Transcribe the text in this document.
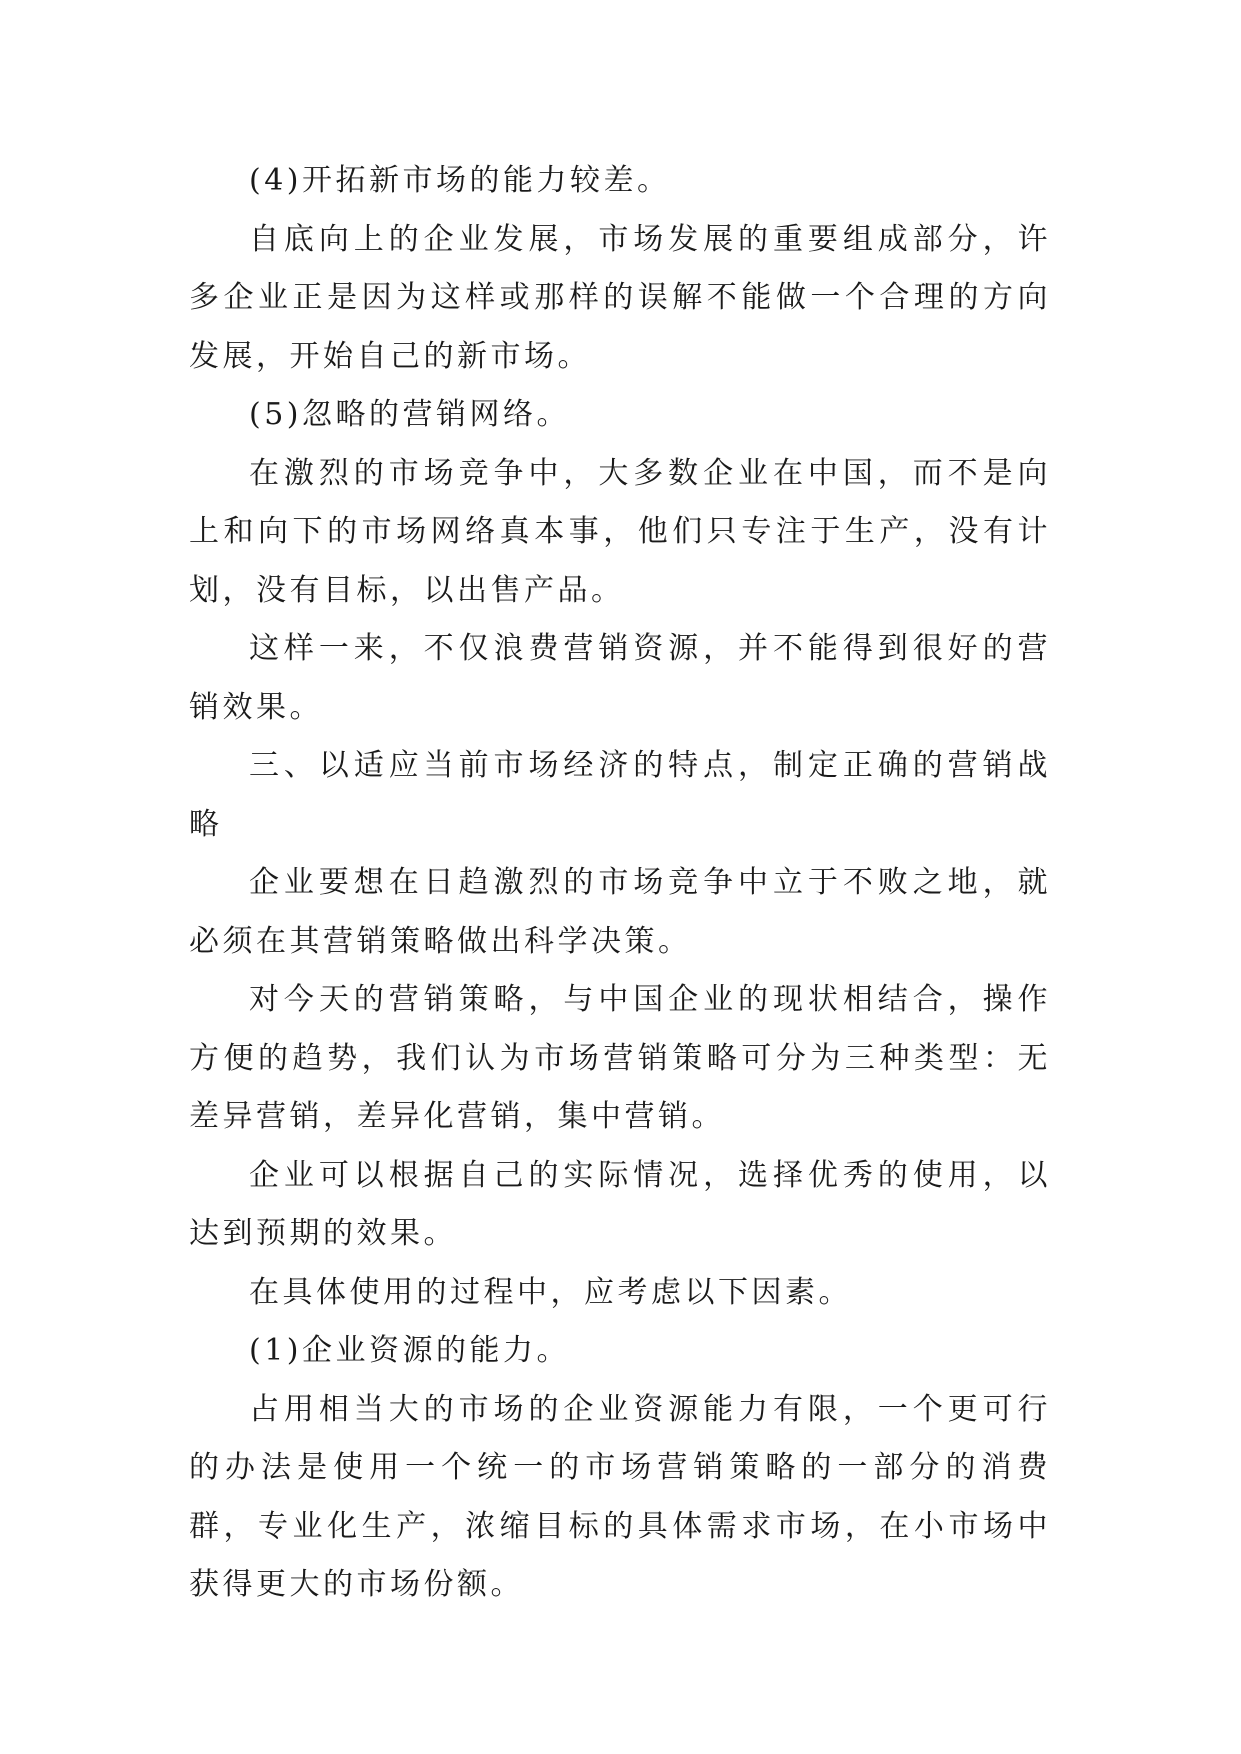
(4)开拓新市场的能力较差。

自底向上的企业发展，市场发展的重要组成部分，许多企业正是因为这样或那样的误解不能做一个合理的方向发展，开始自己的新市场。

(5)忽略的营销网络。

在激烈的市场竞争中，大多数企业在中国，而不是向上和向下的市场网络真本事，他们只专注于生产，没有计划，没有目标，以出售产品。

这样一来，不仅浪费营销资源，并不能得到很好的营销效果。

三、以适应当前市场经济的特点，制定正确的营销战略

企业要想在日趋激烈的市场竞争中立于不败之地，就必须在其营销策略做出科学决策。

对今天的营销策略，与中国企业的现状相结合，操作方便的趋势，我们认为市场营销策略可分为三种类型：无差异营销，差异化营销，集中营销。

企业可以根据自己的实际情况，选择优秀的使用，以达到预期的效果。

在具体使用的过程中，应考虑以下因素。

(1)企业资源的能力。

占用相当大的市场的企业资源能力有限，一个更可行的办法是使用一个统一的市场营销策略的一部分的消费群，专业化生产，浓缩目标的具体需求市场，在小市场中获得更大的市场份额。
